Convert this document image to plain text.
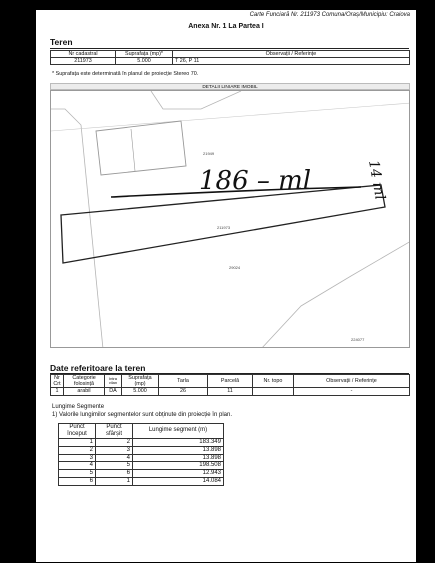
Carte Funciară Nr. 211973 Comuna/Oraș/Municipiu: Craiova
Anexa Nr. 1 La Partea I
Teren
Nr cadastral	Suprafața (mp)*	Observații / Referințe
211973	5.000	T 26, P 11
* Suprafața este determinată în planul de proiecție Stereo 70.
DETALII LINIARE IMOBIL
186 – ml	14 ml
21949
211973
29024
224077
Date referitoare la teren
Nr Crt	Categorie folosință	Intra vilan	Suprafața (mp)	Tarla	Parcelă	Nr. topo	Observații / Referințe
1	arabil	DA	5.000	26	11		-
Lungime Segmente
1) Valorile lungimilor segmentelor sunt obținute din proiecție în plan.
Punct început	Punct sfârșit	Lungime segment (m)
1	2	183.349
2	3	13.898
3	4	13.898
4	5	198.508
5	6	12.943
6	1	14.084
